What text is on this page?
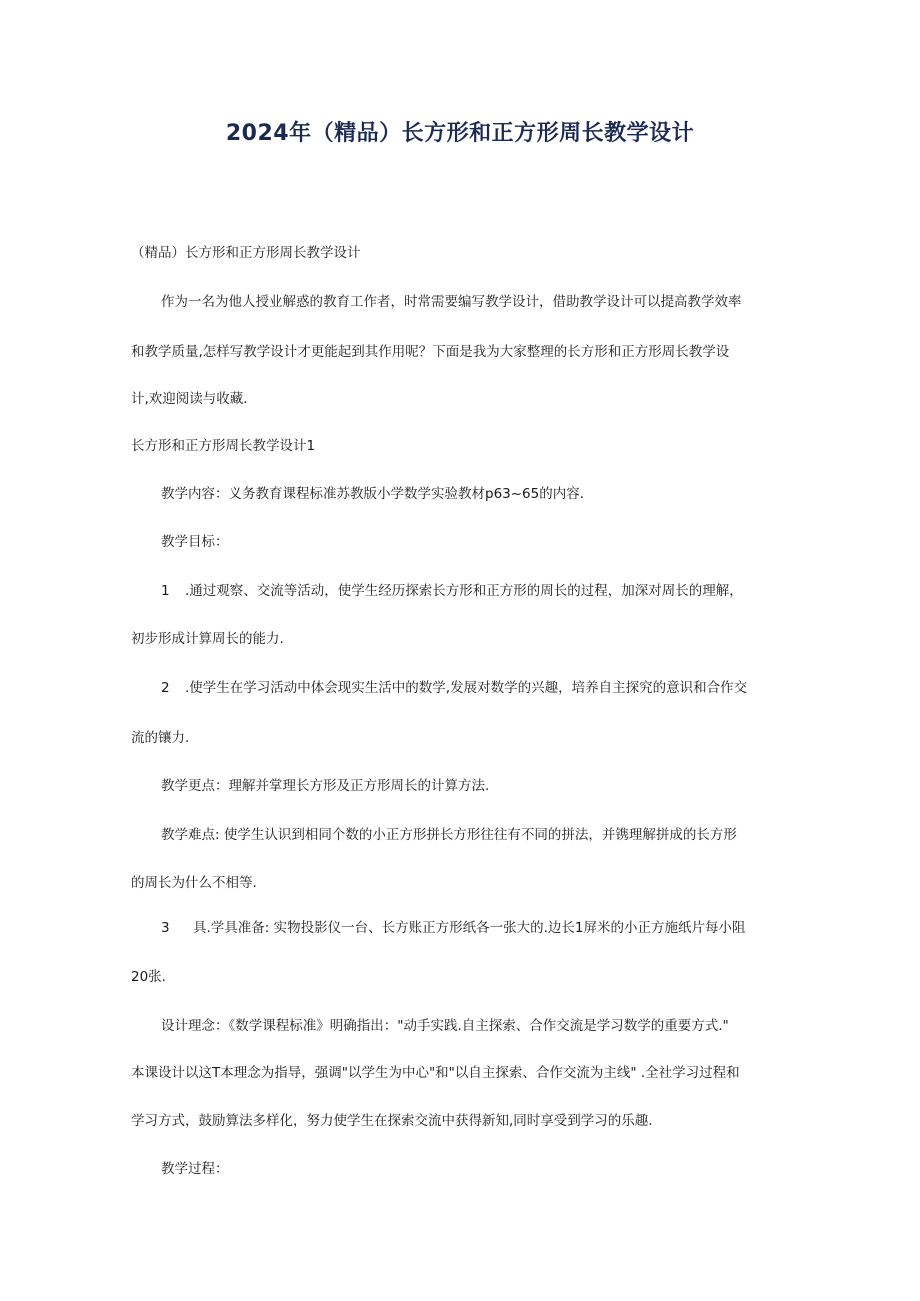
2024年（精品）长方形和正方形周长教学设计
（精品）长方形和正方形周长教学设计
作为一名为他人授业解惑的教育工作者，时常需要编写教学设计，借助教学设计可以提高教学效率
和教学质量,怎样写教学设计才更能起到其作用呢？下面是我为大家整理的长方形和正方形周长教学设
计,欢迎阅读与收藏.
长方形和正方形周长教学设计1
教学内容：义务教育课程标准苏教版小学数学实验教材p63~65的内容.
教学目标：
1 .通过观察、交流等活动，使学生经历探索长方形和正方形的周长的过程，加深对周长的理解，
初步形成计算周长的能力.
2 .使学生在学习活动中体会现实生活中的数学,发展对数学的兴趣，培养自主探究的意识和合作交
流的镶力.
教学更点：理解并掌理长方形及正方形周长的计算方法.
教学难点: 使学生认识到相同个数的小正方形拼长方形往往有不同的拼法，并镌理解拼成的长方形
的周长为什么不相等.
3 具.学具准备: 实物投影仪一台、长方账正方形纸各一张大的.边长1屏米的小正方施纸片每小阻
20张.
设计理念：《数学课程标准》明确指出："动手实践.自主探索、合作交流是学习数学的重要方式."
本课设计以这T本理念为指导，强调"以学生为中心"和"以自主探索、合作交流为主线" .全社学习过程和
学习方式，鼓励算法多样化，努力使学生在探索交流中获得新知,同时享受到学习的乐趣.
教学过程：
